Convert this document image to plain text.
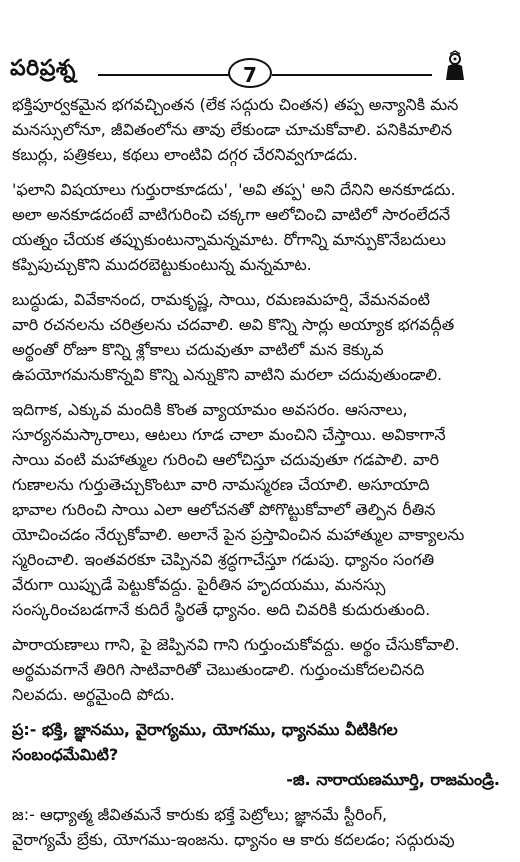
పరిప్రశ్న	7
భక్తిపూర్వకమైన భగవచ్చింతన (లేక సద్గురు చింతన) తప్ప అన్యానికి మన
మనస్సులోనూ, జీవితంలోను తావు లేకుండా చూచుకోవాలి. పనికిమాలిన
కబుర్లు, పత్రికలు, కథలు లాంటివి దగ్గర చేరనివ్వగూడదు.
'ఫలాని విషయాలు గుర్తురాకూడదు', 'అవి తప్ప' అని దేనిని అనకూడదు.
అలా అనకూడదంటే వాటిగురించి చక్కగా ఆలోచించి వాటిలో సారంలేదనే
యత్నం చేయక తప్పుకుంటున్నామన్నమాట. రోగాన్ని మాన్పుకొనేబదులు
కప్పిపుచ్చుకొని ముదరబెట్టుకుంటున్న మన్నమాట.
బుద్ధుడు, వివేకానంద, రామకృష్ణ, సాయి, రమణమహర్షి, వేమనవంటి
వారి రచనలను చరిత్రలను చదవాలి. అవి కొన్ని సార్లు అయ్యాక భగవద్గీత
అర్థంతో రోజూ కొన్ని శ్లోకాలు చదువుతూ వాటిలో మన కెక్కువ
ఉపయోగమనుకొన్నవి కొన్ని ఎన్నుకొని వాటిని మరలా చదువుతుండాలి.
ఇదిగాక, ఎక్కువ మందికి కొంత వ్యాయామం అవసరం. ఆసనాలు,
సూర్యనమస్కారాలు, ఆటలు గూడ చాలా మంచిని చేస్తాయి. అవికాగానే
సాయి వంటి మహాత్ముల గురించి ఆలోచిస్తూ చదువుతూ గడపాలి. వారి
గుణాలను గుర్తుతెచ్చుకొంటూ వారి నామస్మరణ చేయాలి. అసూయాది
భావాల గురించి సాయి ఎలా ఆలోచనతో పోగొట్టుకోవాలో తెల్పిన రీతిన
యోచించడం నేర్చుకోవాలి. అలానే పైన ప్రస్తావించిన మహాత్ముల వాక్యాలను
స్మరించాలి. ఇంతవరకూ చెప్పినవి శ్రద్ధగాచేస్తూ గడుపు. ధ్యానం సంగతి
వేరుగా యిప్పుడే పెట్టుకోవద్దు. పైరీతిన హృదయము, మనస్సు
సంస్కరించబడగానే కుదిరే స్థిరతే ధ్యానం. అది చివరికి కుదురుతుంది.
పారాయణాలు గాని, పై జెప్పినవి గాని గుర్తుంచుకోవద్దు. అర్థం చేసుకోవాలి.
అర్థమవగానే తిరిగి సాటివారితో చెబుతుండాలి. గుర్తుంచుకోదలచినది
నిలవదు. అర్థమైంది పోదు.
ప్ర:- భక్తి, జ్ఞానము, వైరాగ్యము, యోగము, ధ్యానము వీటికిగల
సంబంధమేమిటి?
-జి. నారాయణమూర్తి, రాజమండ్రి.
జ:- ఆధ్యాత్మ జీవితమనే కారుకు భక్తే పెట్రోలు; జ్ఞానమే స్టీరింగ్,
వైరాగ్యమే బ్రేకు, యోగము-ఇంజను. ధ్యానం ఆ కారు కదలడం; సద్గురువు
